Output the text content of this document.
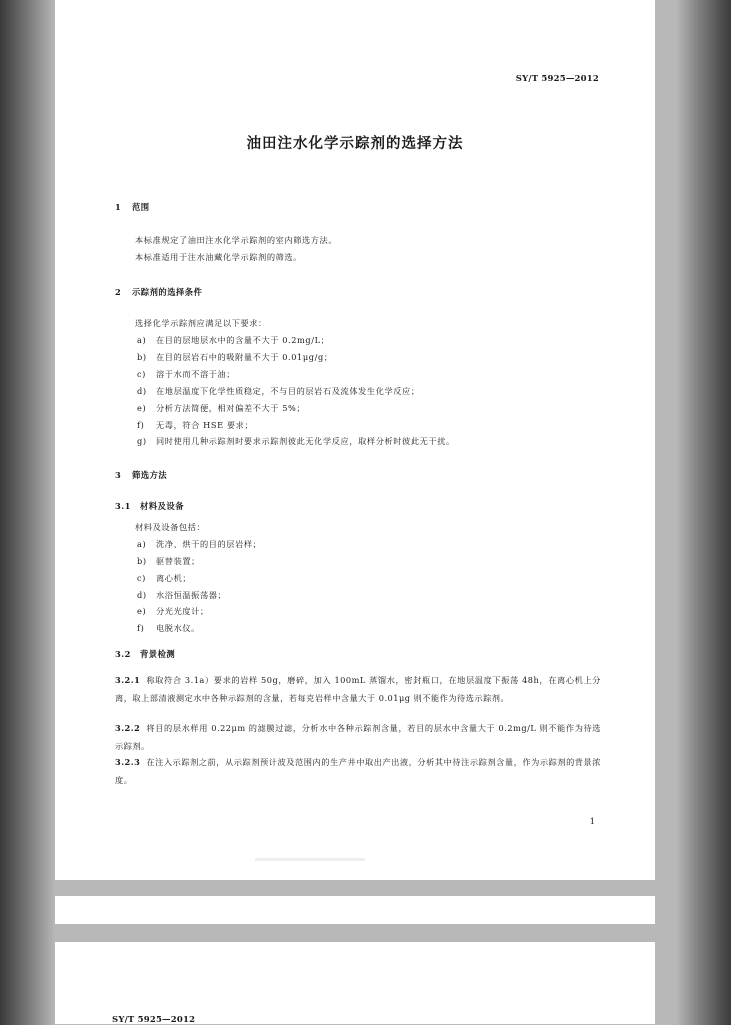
SY/T 5925—2012
油田注水化学示踪剂的选择方法
1 范围
本标准规定了油田注水化学示踪剂的室内筛选方法。
本标准适用于注水油藏化学示踪剂的筛选。
2 示踪剂的选择条件
选择化学示踪剂应满足以下要求：
a) 在目的层地层水中的含量不大于 0.2mg/L；
b) 在目的层岩石中的吸附量不大于 0.01μg/g；
c) 溶于水而不溶于油；
d) 在地层温度下化学性质稳定，不与目的层岩石及流体发生化学反应；
e) 分析方法简便，相对偏差不大于 5%；
f) 无毒，符合 HSE 要求；
g) 同时使用几种示踪剂时要求示踪剂彼此无化学反应，取样分析时彼此无干扰。
3 筛选方法
3.1 材料及设备
材料及设备包括：
a) 洗净、烘干的目的层岩样；
b) 驱替装置；
c) 离心机；
d) 水浴恒温振荡器；
e) 分光光度计；
f) 电脱水仪。
3.2 背景检测
3.2.1 称取符合 3.1a）要求的岩样 50g，磨碎，加入 100mL 蒸馏水，密封瓶口，在地层温度下振荡 48h，在离心机上分离，取上部清液测定水中各种示踪剂的含量，若每克岩样中含量大于 0.01μg 则不能作为待选示踪剂。
3.2.2 将目的层水样用 0.22μm 的滤膜过滤，分析水中各种示踪剂含量，若目的层水中含量大于 0.2mg/L 则不能作为待选示踪剂。
3.2.3 在注入示踪剂之前，从示踪剂预计波及范围内的生产井中取出产出液，分析其中待注示踪剂含量，作为示踪剂的背景浓度。
1
SY/T 5925—2012
